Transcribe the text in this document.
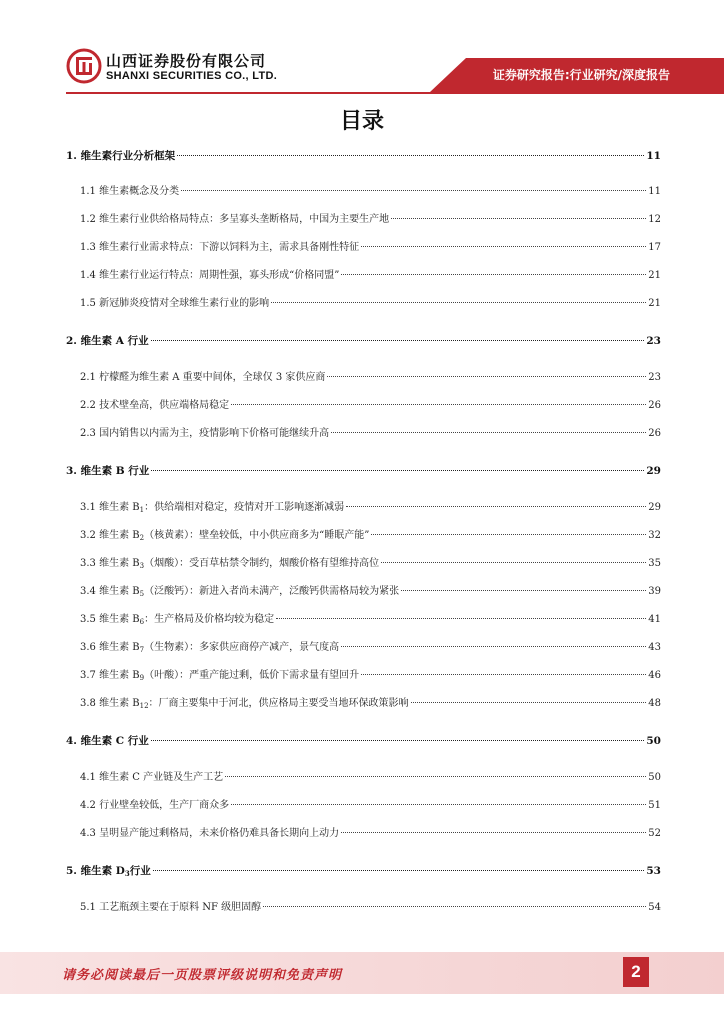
山西证券股份有限公司
SHANXI SECURITIES CO., LTD.	证券研究报告:行业研究/深度报告
目录
1. 维生素行业分析框架	11
1.1 维生素概念及分类	11
1.2 维生素行业供给格局特点：多呈寡头垄断格局，中国为主要生产地	12
1.3 维生素行业需求特点：下游以饲料为主，需求具备刚性特征	17
1.4 维生素行业运行特点：周期性强，寡头形成“价格同盟”	21
1.5 新冠肺炎疫情对全球维生素行业的影响	21
2. 维生素 A 行业	23
2.1 柠檬醛为维生素 A 重要中间体，全球仅 3 家供应商	23
2.2 技术壁垒高，供应端格局稳定	26
2.3 国内销售以内需为主，疫情影响下价格可能继续升高	26
3. 维生素 B 行业	29
3.1 维生素 $B_1$：供给端相对稳定，疫情对开工影响逐渐减弱	29
3.2 维生素 $B_2$（核黄素）：壁垒较低，中小供应商多为“睡眠产能”	32
3.3 维生素 $B_3$（烟酸）：受百草枯禁令制约，烟酸价格有望维持高位	35
3.4 维生素 $B_5$（泛酸钙）：新进入者尚未满产，泛酸钙供需格局较为紧张	39
3.5 维生素 $B_6$：生产格局及价格均较为稳定	41
3.6 维生素 $B_7$（生物素）：多家供应商停产减产，景气度高	43
3.7 维生素 $B_9$（叶酸）：严重产能过剩，低价下需求量有望回升	46
3.8 维生素 $B_{12}$：厂商主要集中于河北，供应格局主要受当地环保政策影响	48
4. 维生素 C 行业	50
4.1 维生素 C 产业链及生产工艺	50
4.2 行业壁垒较低，生产厂商众多	51
4.3 呈明显产能过剩格局，未来价格仍难具备长期向上动力	52
5. 维生素 $D_3$行业	53
5.1 工艺瓶颈主要在于原料 NF 级胆固醇	54
请务必阅读最后一页股票评级说明和免责声明	2
